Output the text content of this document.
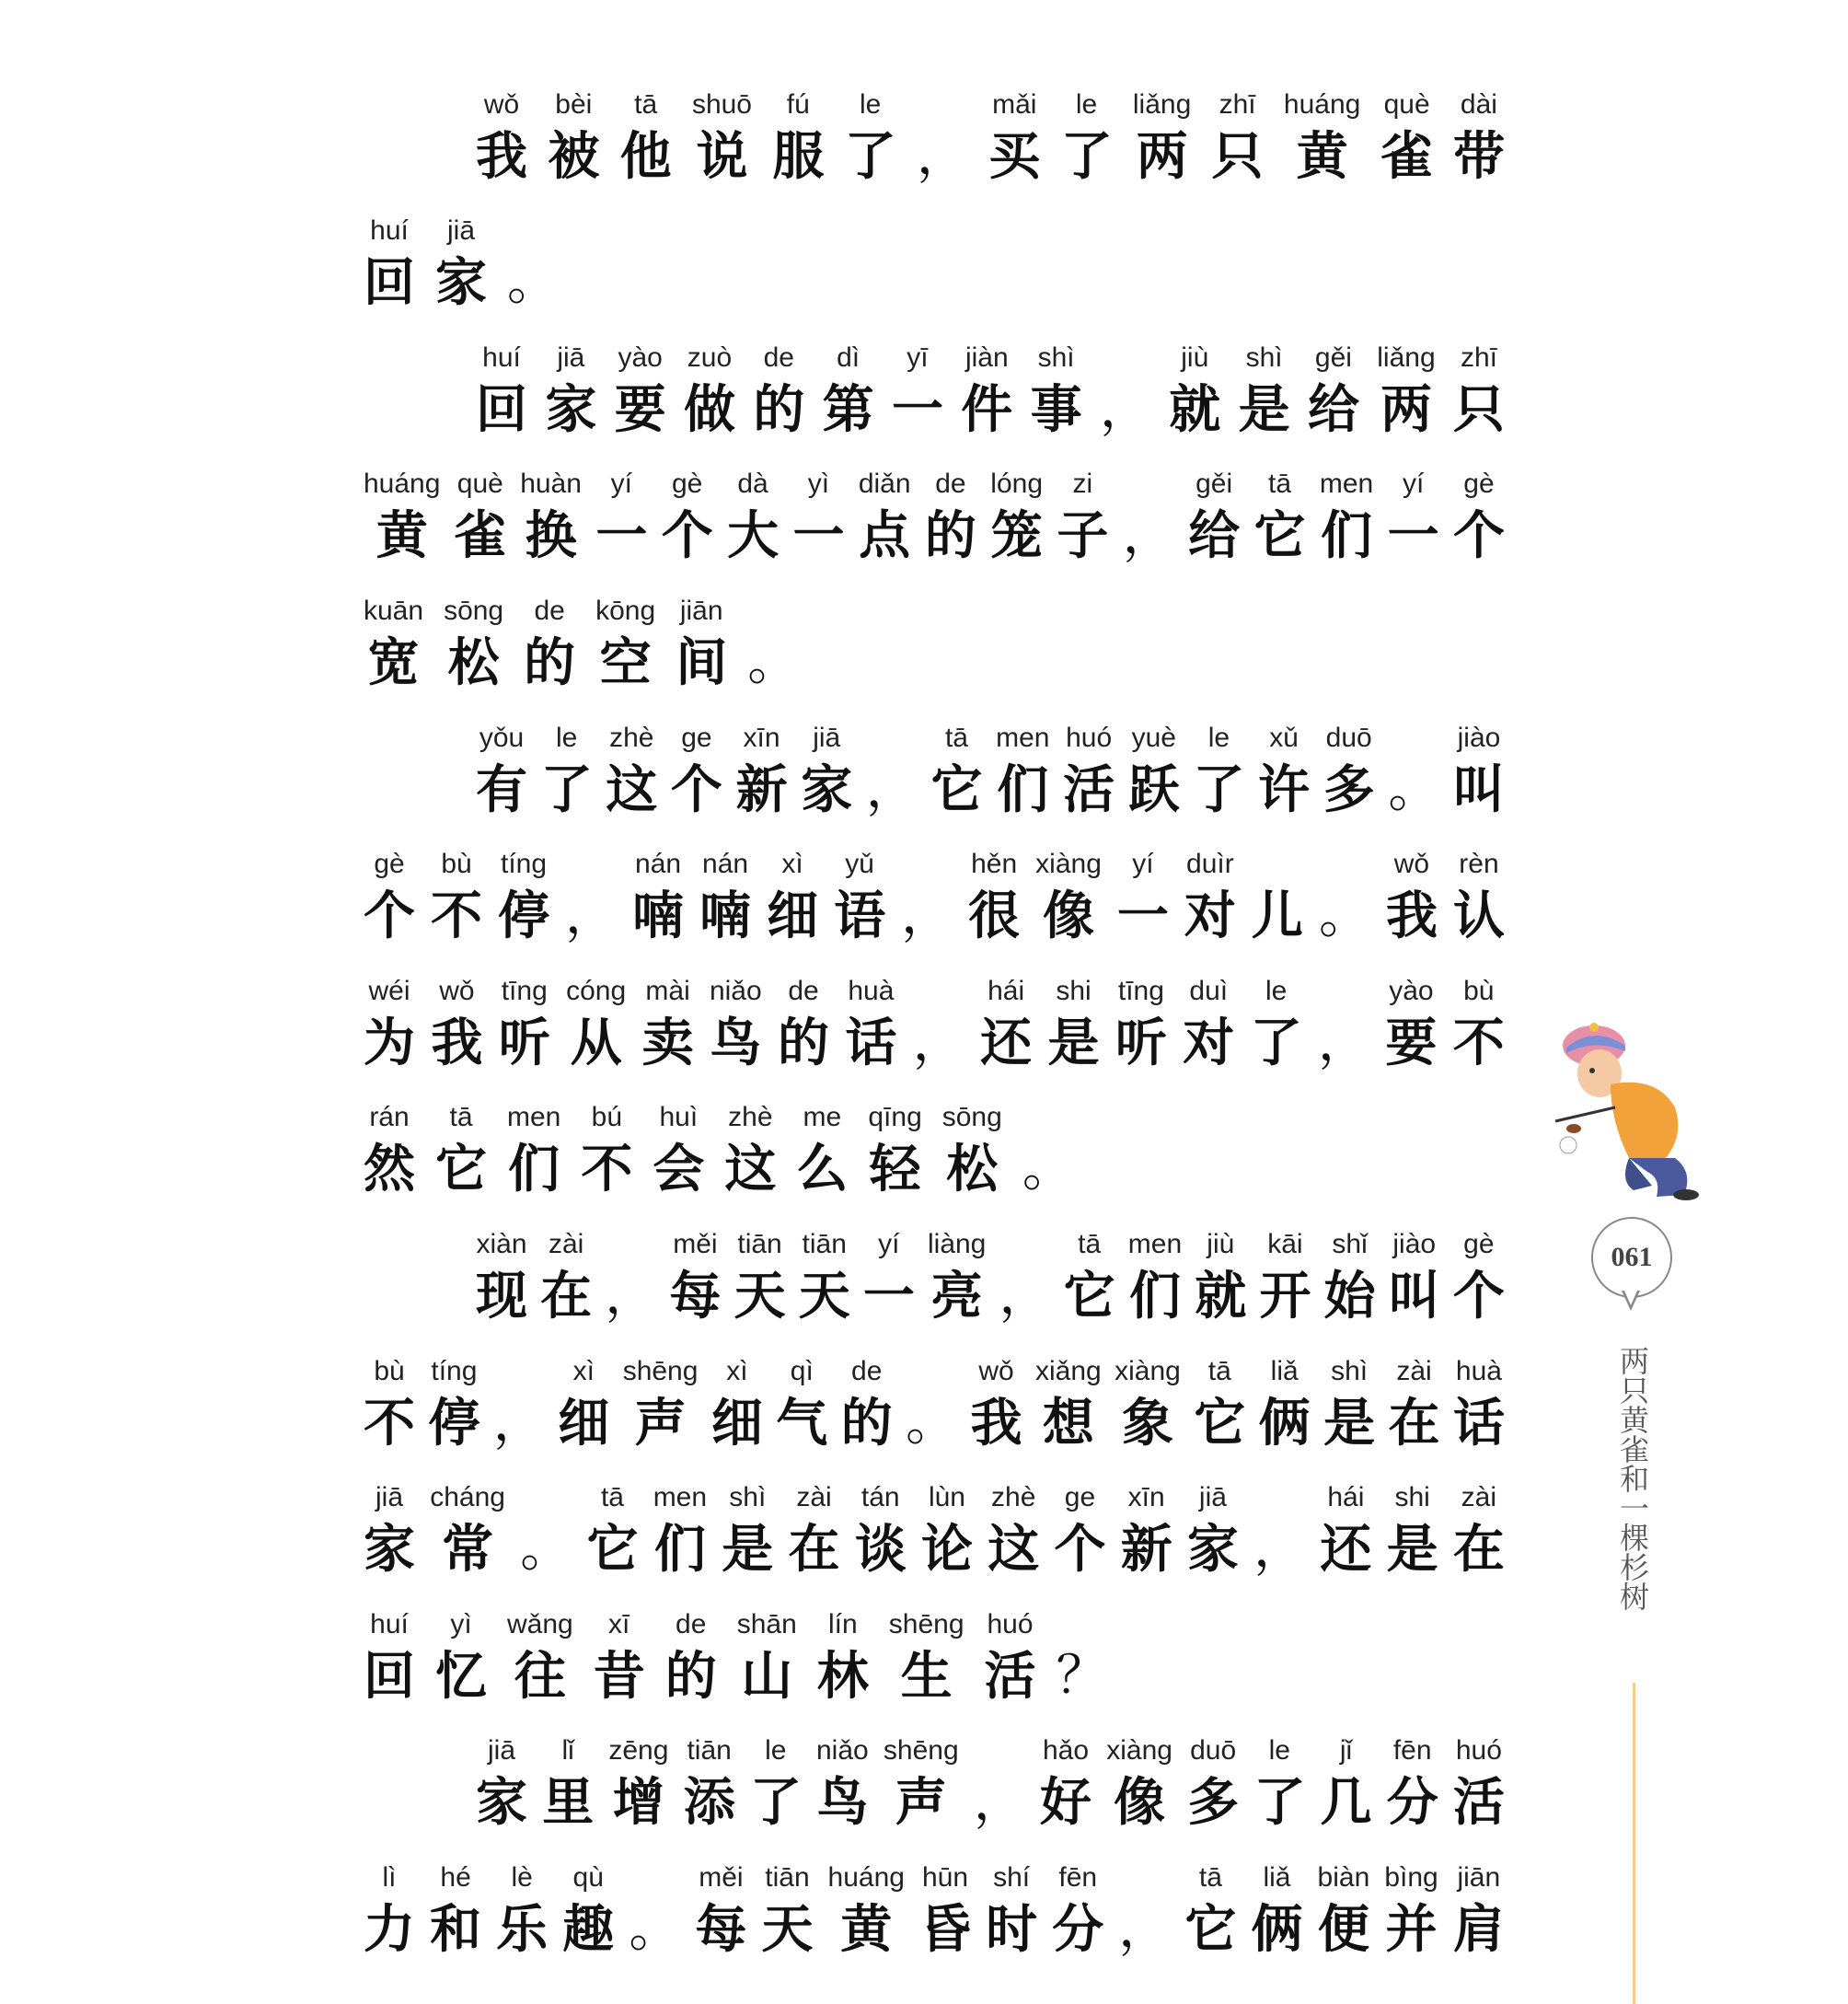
wǒ
我
bèi
被
tā
他
shuō
说
fú
服
le
了 ，
mǎi
买
le
了
liǎng
两
zhī
只
huáng
黄
què
雀
dài
带
huí
回
jiā
家 。
huí
回
jiā
家
yào
要
zuò
做
de
的
dì
第
yī
一
jiàn
件
shì
事 ，
jiù
就
shì
是
gěi
给
liǎng
两
zhī
只
huáng
黄
què
雀
huàn
换
yí
一
gè
个
dà
大
yì
一
diǎn
点
de
的
lóng
笼
zi
子 ，
gěi
给
tā
它
men
们
yí
一
gè
个
kuān
宽
sōng
松
de
的
kōng
空
jiān
间 。
yǒu
有
le
了
zhè
这
ge
个
xīn
新
jiā
家 ，
tā
它
men
们
huó
活
yuè
跃
le
了
xǔ
许
duō
多 。
jiào
叫
gè
个
bù
不
tíng
停 ，
nán
喃
nán
喃
xì
细
yǔ
语 ，
hěn
很
xiàng
像
yí
一
duìr
对 儿 。
wǒ
我
rèn
认
wéi
为
wǒ
我
tīng
听
cóng
从
mài
卖
niǎo
鸟
de
的
huà
话 ，
hái
还
shi
是
tīng
听
duì
对
le
了 ，
yào
要
bù
不
rán
然
tā
它
men
们
bú
不
huì
会
zhè
这
me
么
qīng
轻
sōng
松 。
xiàn
现
zài
在 ，
měi
每
tiān
天
tiān
天
yí
一
liàng
亮 ，
tā
它
men
们
jiù
就
kāi
开
shǐ
始
jiào
叫
gè
个
bù
不
tíng
停 ，
xì
细
shēng
声
xì
细
qì
气
de
的 。
wǒ
我
xiǎng
想
xiàng
象
tā
它
liǎ
俩
shì
是
zài
在
huà
话
jiā
家
cháng
常 。
tā
它
men
们
shì
是
zài
在
tán
谈
lùn
论
zhè
这
ge
个
xīn
新
jiā
家 ，
hái
还
shi
是
zài
在
huí
回
yì
忆
wǎng
往
xī
昔
de
的
shān
山
lín
林
shēng
生
huó
活 ？
jiā
家
lǐ
里
zēng
增
tiān
添
le
了
niǎo
鸟
shēng
声 ，
hǎo
好
xiàng
像
duō
多
le
了
jǐ
几
fēn
分
huó
活
lì
力
hé
和
lè
乐
qù
趣 。
měi
每
tiān
天
huáng
黄
hūn
昏
shí
时
fēn
分 ，
tā
它
liǎ
俩
biàn
便
bìng
并
jiān
肩
061
两只黄雀和一棵杉树
